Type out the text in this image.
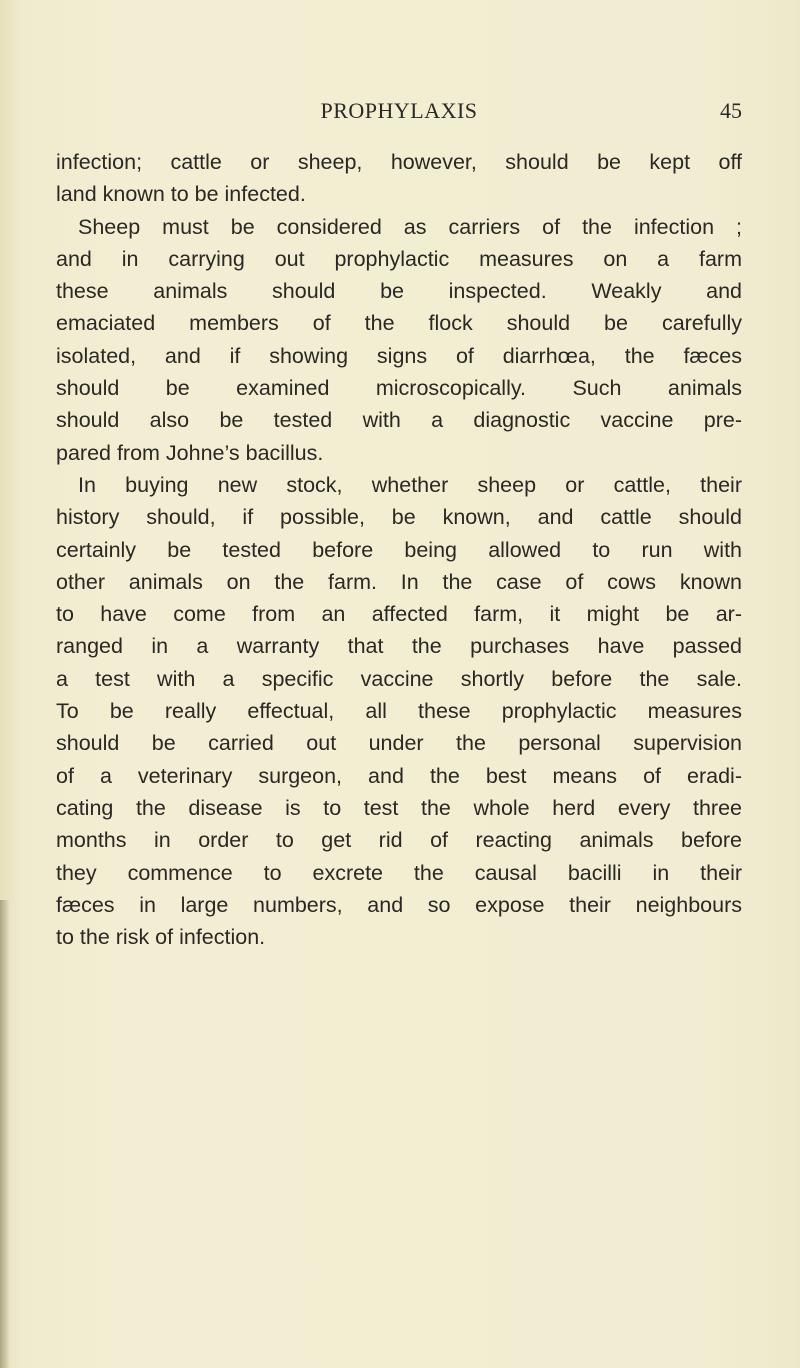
PROPHYLAXIS	45
infection; cattle or sheep, however, should be kept off
land known to be infected.
Sheep must be considered as carriers of the infection ;
and in carrying out prophylactic measures on a farm
these animals should be inspected. Weakly and
emaciated members of the flock should be carefully
isolated, and if showing signs of diarrhœa, the fæces
should be examined microscopically. Such animals
should also be tested with a diagnostic vaccine pre-
pared from Johne’s bacillus.
In buying new stock, whether sheep or cattle, their
history should, if possible, be known, and cattle should
certainly be tested before being allowed to run with
other animals on the farm. In the case of cows known
to have come from an affected farm, it might be ar-
ranged in a warranty that the purchases have passed
a test with a specific vaccine shortly before the sale.
To be really effectual, all these prophylactic measures
should be carried out under the personal supervision
of a veterinary surgeon, and the best means of eradi-
cating the disease is to test the whole herd every three
months in order to get rid of reacting animals before
they commence to excrete the causal bacilli in their
fæces in large numbers, and so expose their neighbours
to the risk of infection.
